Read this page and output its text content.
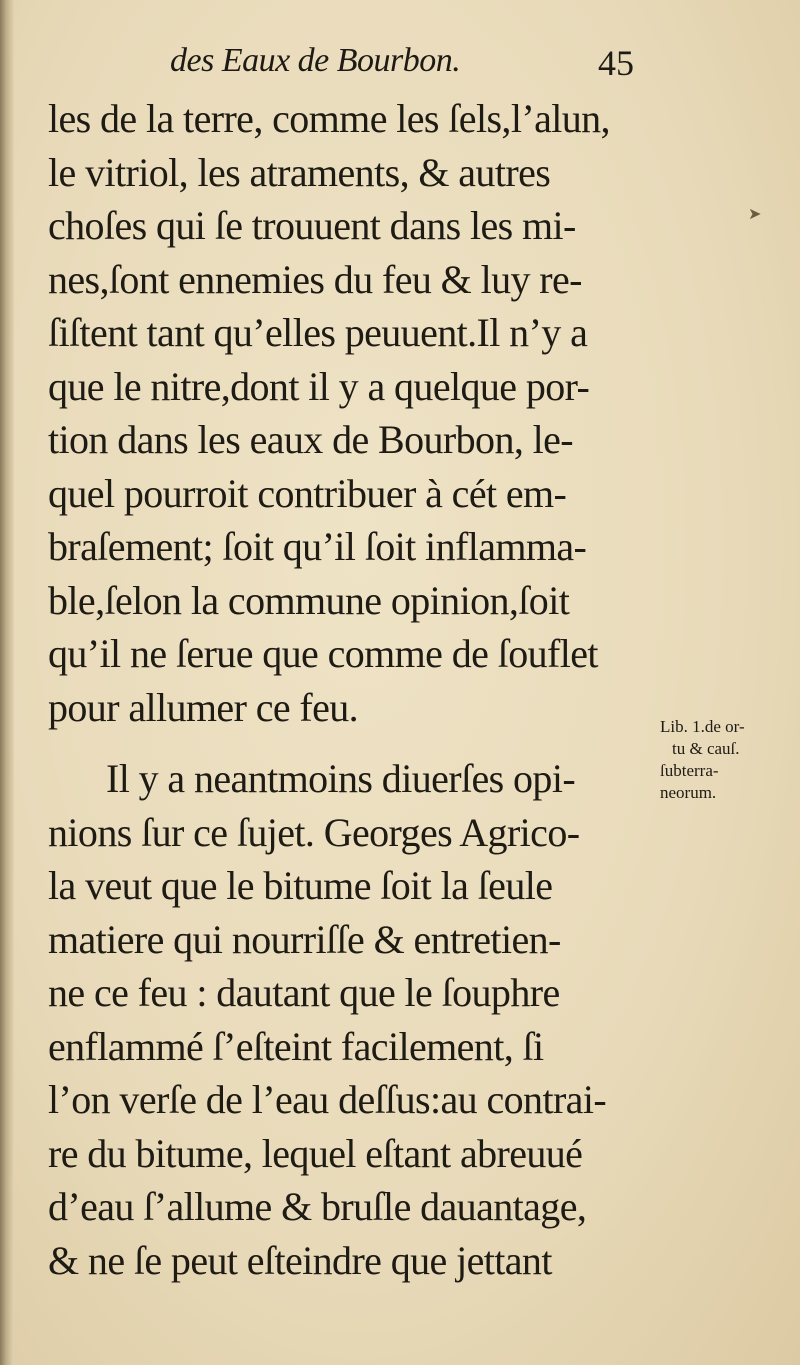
des Eaux de Bourbon.	45
➤
les de la terre, comme les ſels,l’alun,
le vitriol, les atraments, & autres
choſes qui ſe trouuent dans les mi-
nes,ſont ennemies du feu & luy re-
ſiſtent tant qu’elles peuuent.Il n’y a
que le nitre,dont il y a quelque por-
tion dans les eaux de Bourbon, le-
quel pourroit contribuer à cét em-
braſement; ſoit qu’il ſoit inflamma-
ble,ſelon la commune opinion,ſoit
qu’il ne ſerue que comme de ſouflet
pour allumer ce feu.
Il y a neantmoins diuerſes opi-
nions ſur ce ſujet. Georges Agrico-
la veut que le bitume ſoit la ſeule
matiere qui nourriſſe & entretien-
ne ce feu : dautant que le ſouphre
enflammé ſ’eſteint facilement, ſi
l’on verſe de l’eau deſſus:au contrai-
re du bitume, lequel eſtant abreuué
d’eau ſ’allume & bruſle dauantage,
& ne ſe peut eſteindre que jettant
Lib. 1.de or-
tu & cauſ.
ſubterra-
neorum.
